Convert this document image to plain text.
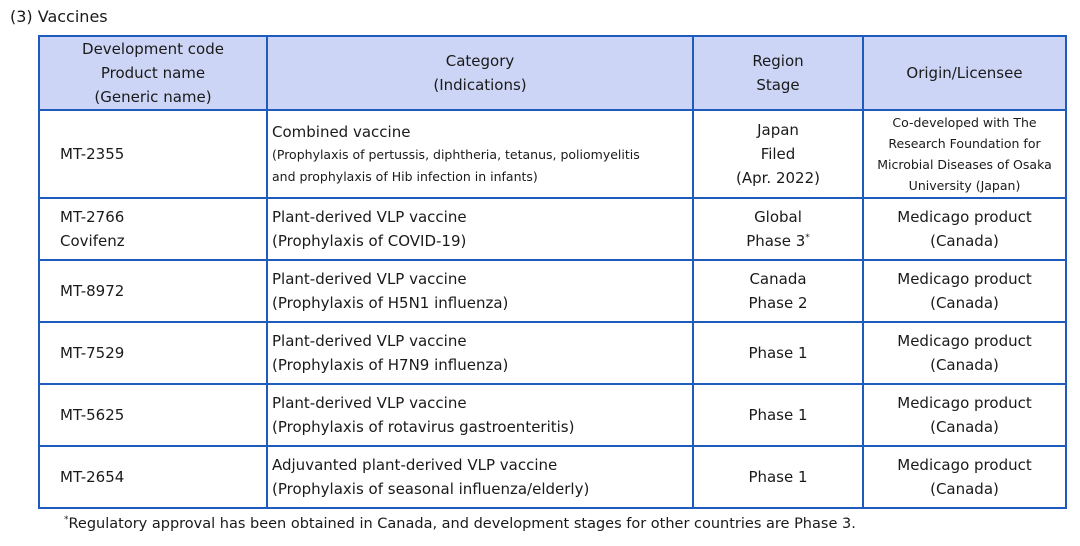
(3) Vaccines
Development code
Product name
(Generic name)	Category
(Indications)	Region
Stage	Origin/Licensee

MT-2355	Combined vaccine
(Prophylaxis of pertussis, diphtheria, tetanus, poliomyelitis
and prophylaxis of Hib infection in infants)	Japan
Filed
(Apr. 2022)	Co-developed with The
Research Foundation for
Microbial Diseases of Osaka
University (Japan)

MT-2766
Covifenz	Plant-derived VLP vaccine
(Prophylaxis of COVID-19)	Global
Phase 3*	Medicago product
(Canada)

MT-8972	Plant-derived VLP vaccine
(Prophylaxis of H5N1 influenza)	Canada
Phase 2	Medicago product
(Canada)

MT-7529	Plant-derived VLP vaccine
(Prophylaxis of H7N9 influenza)	Phase 1	Medicago product
(Canada)

MT-5625	Plant-derived VLP vaccine
(Prophylaxis of rotavirus gastroenteritis)	Phase 1	Medicago product
(Canada)

MT-2654	Adjuvanted plant-derived VLP vaccine
(Prophylaxis of seasonal influenza/elderly)	Phase 1	Medicago product
(Canada)
*Regulatory approval has been obtained in Canada, and development stages for other countries are Phase 3.
